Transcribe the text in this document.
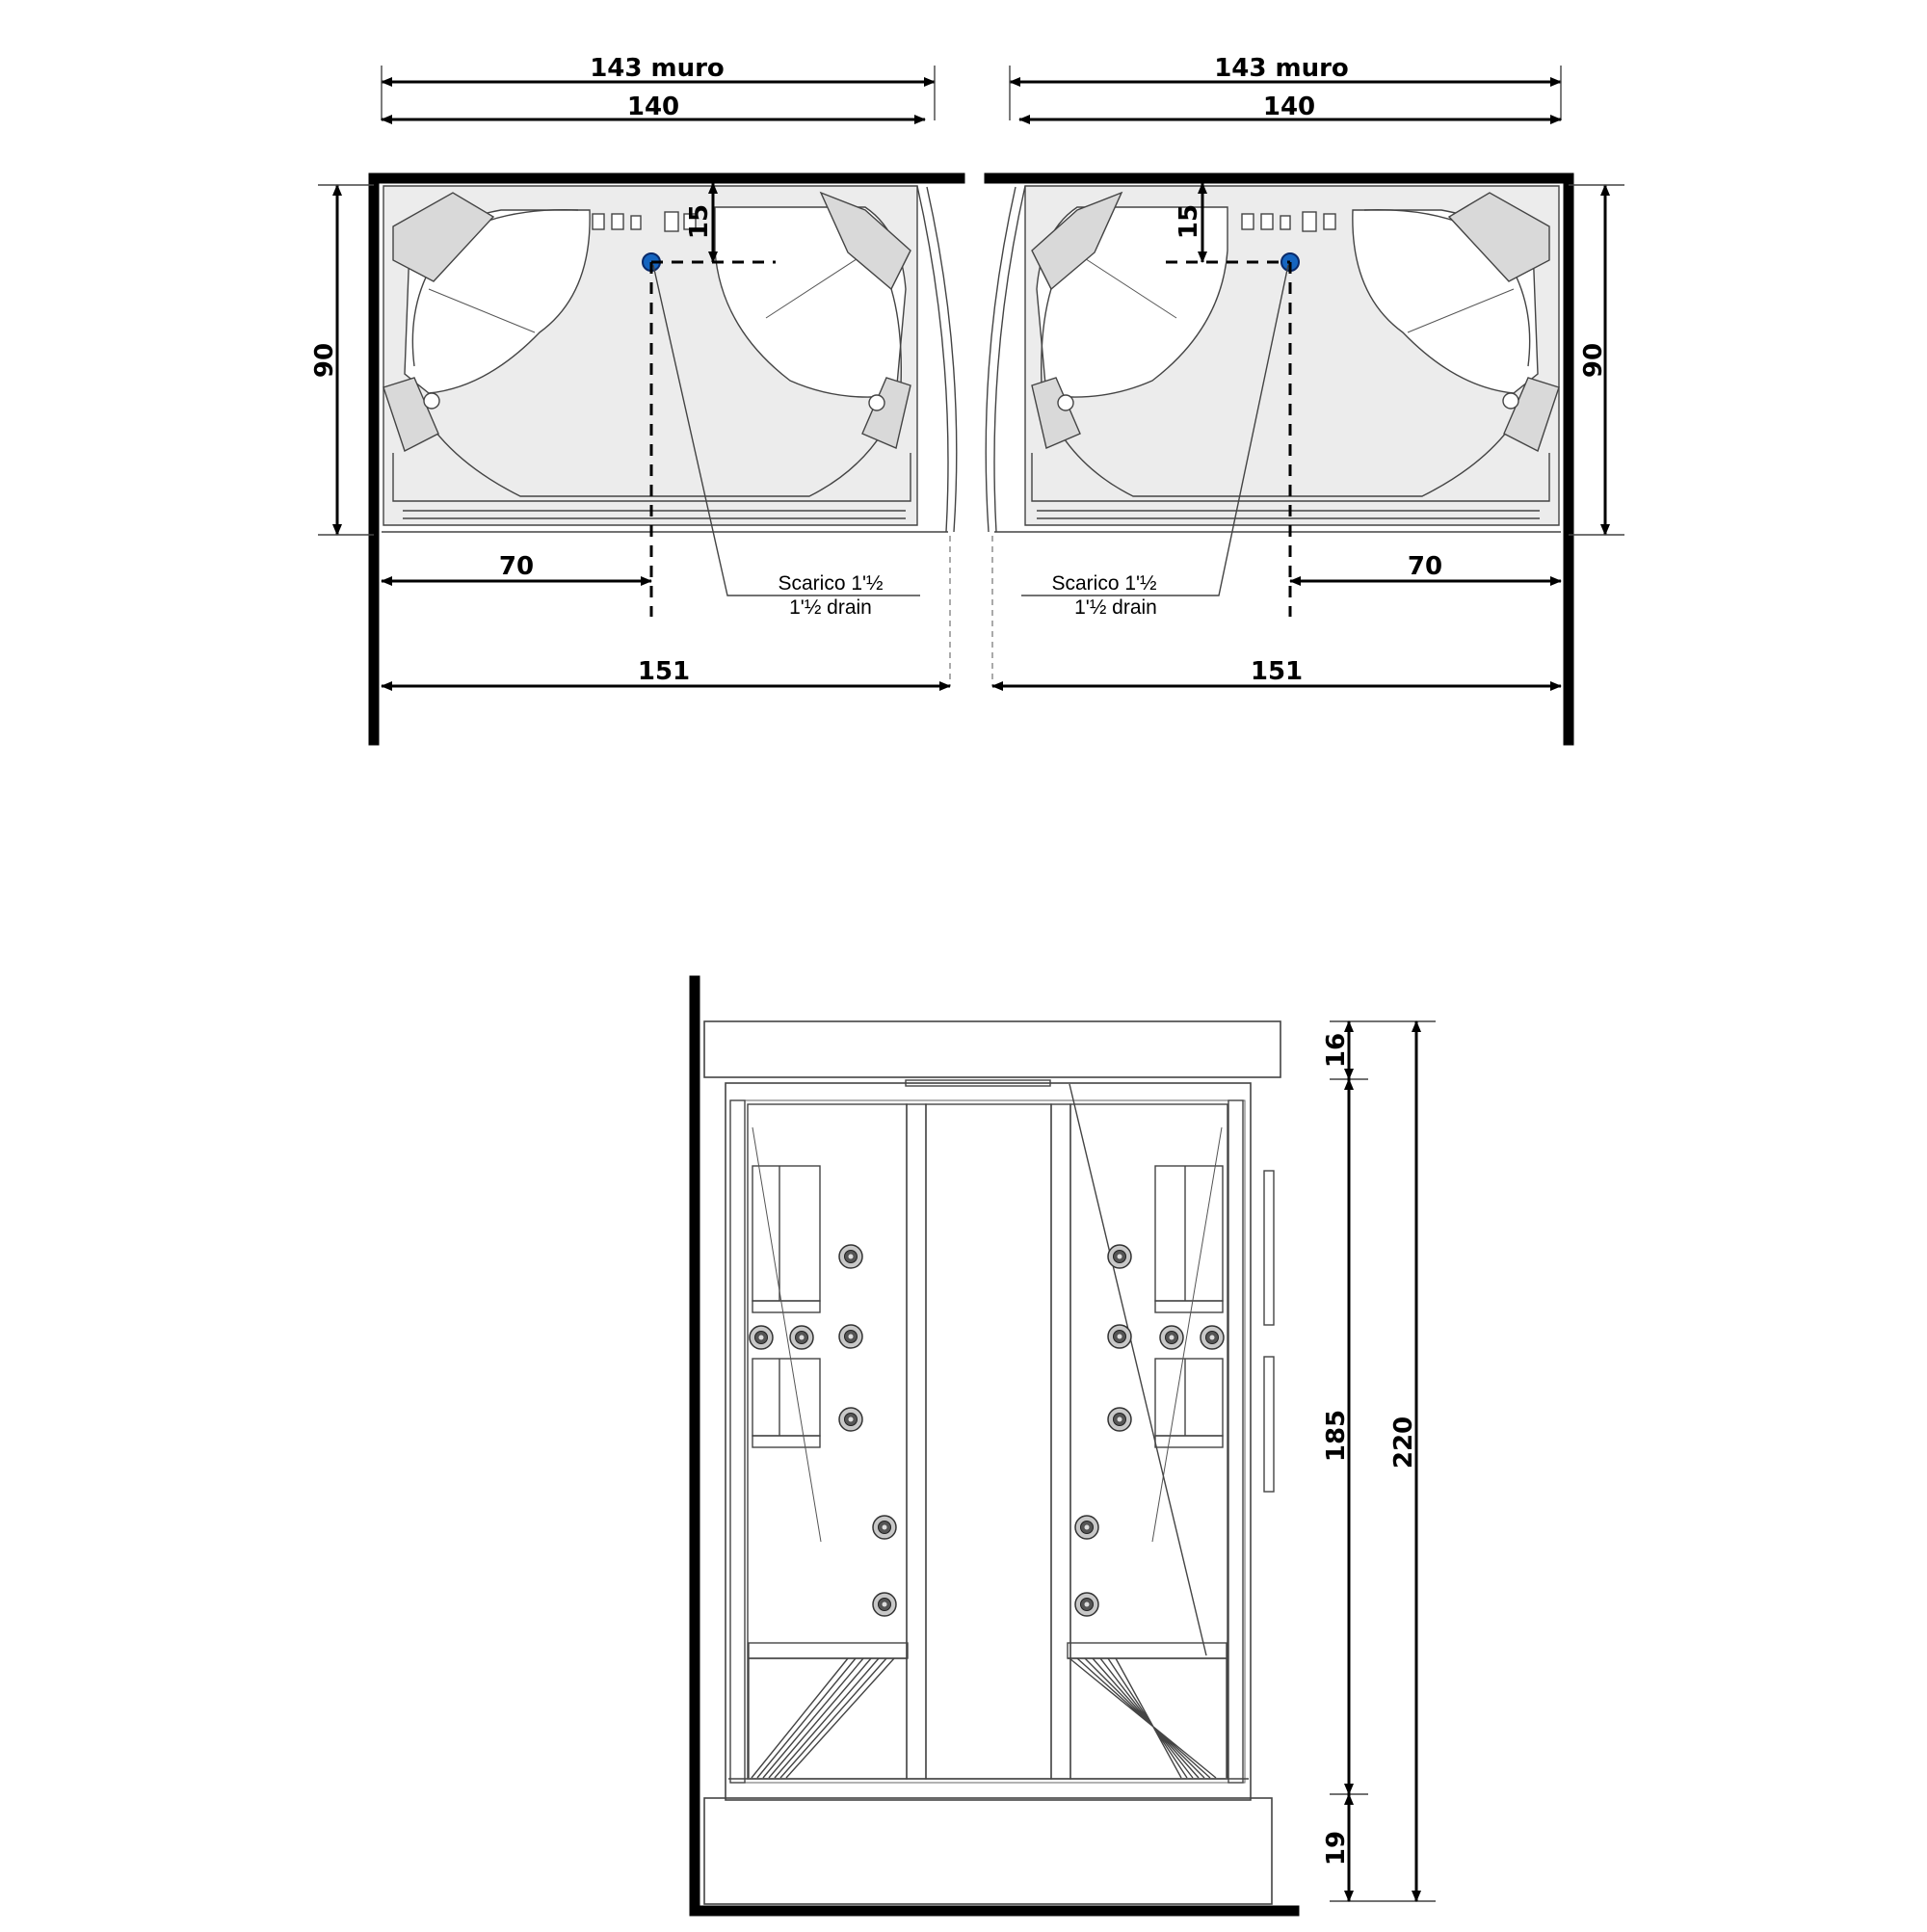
143 muro
140
90
15
70
Scarico 1'½
1'½ drain
151
143 muro
140
90
15
70
Scarico 1'½
1'½ drain
151
16
185
19
220
